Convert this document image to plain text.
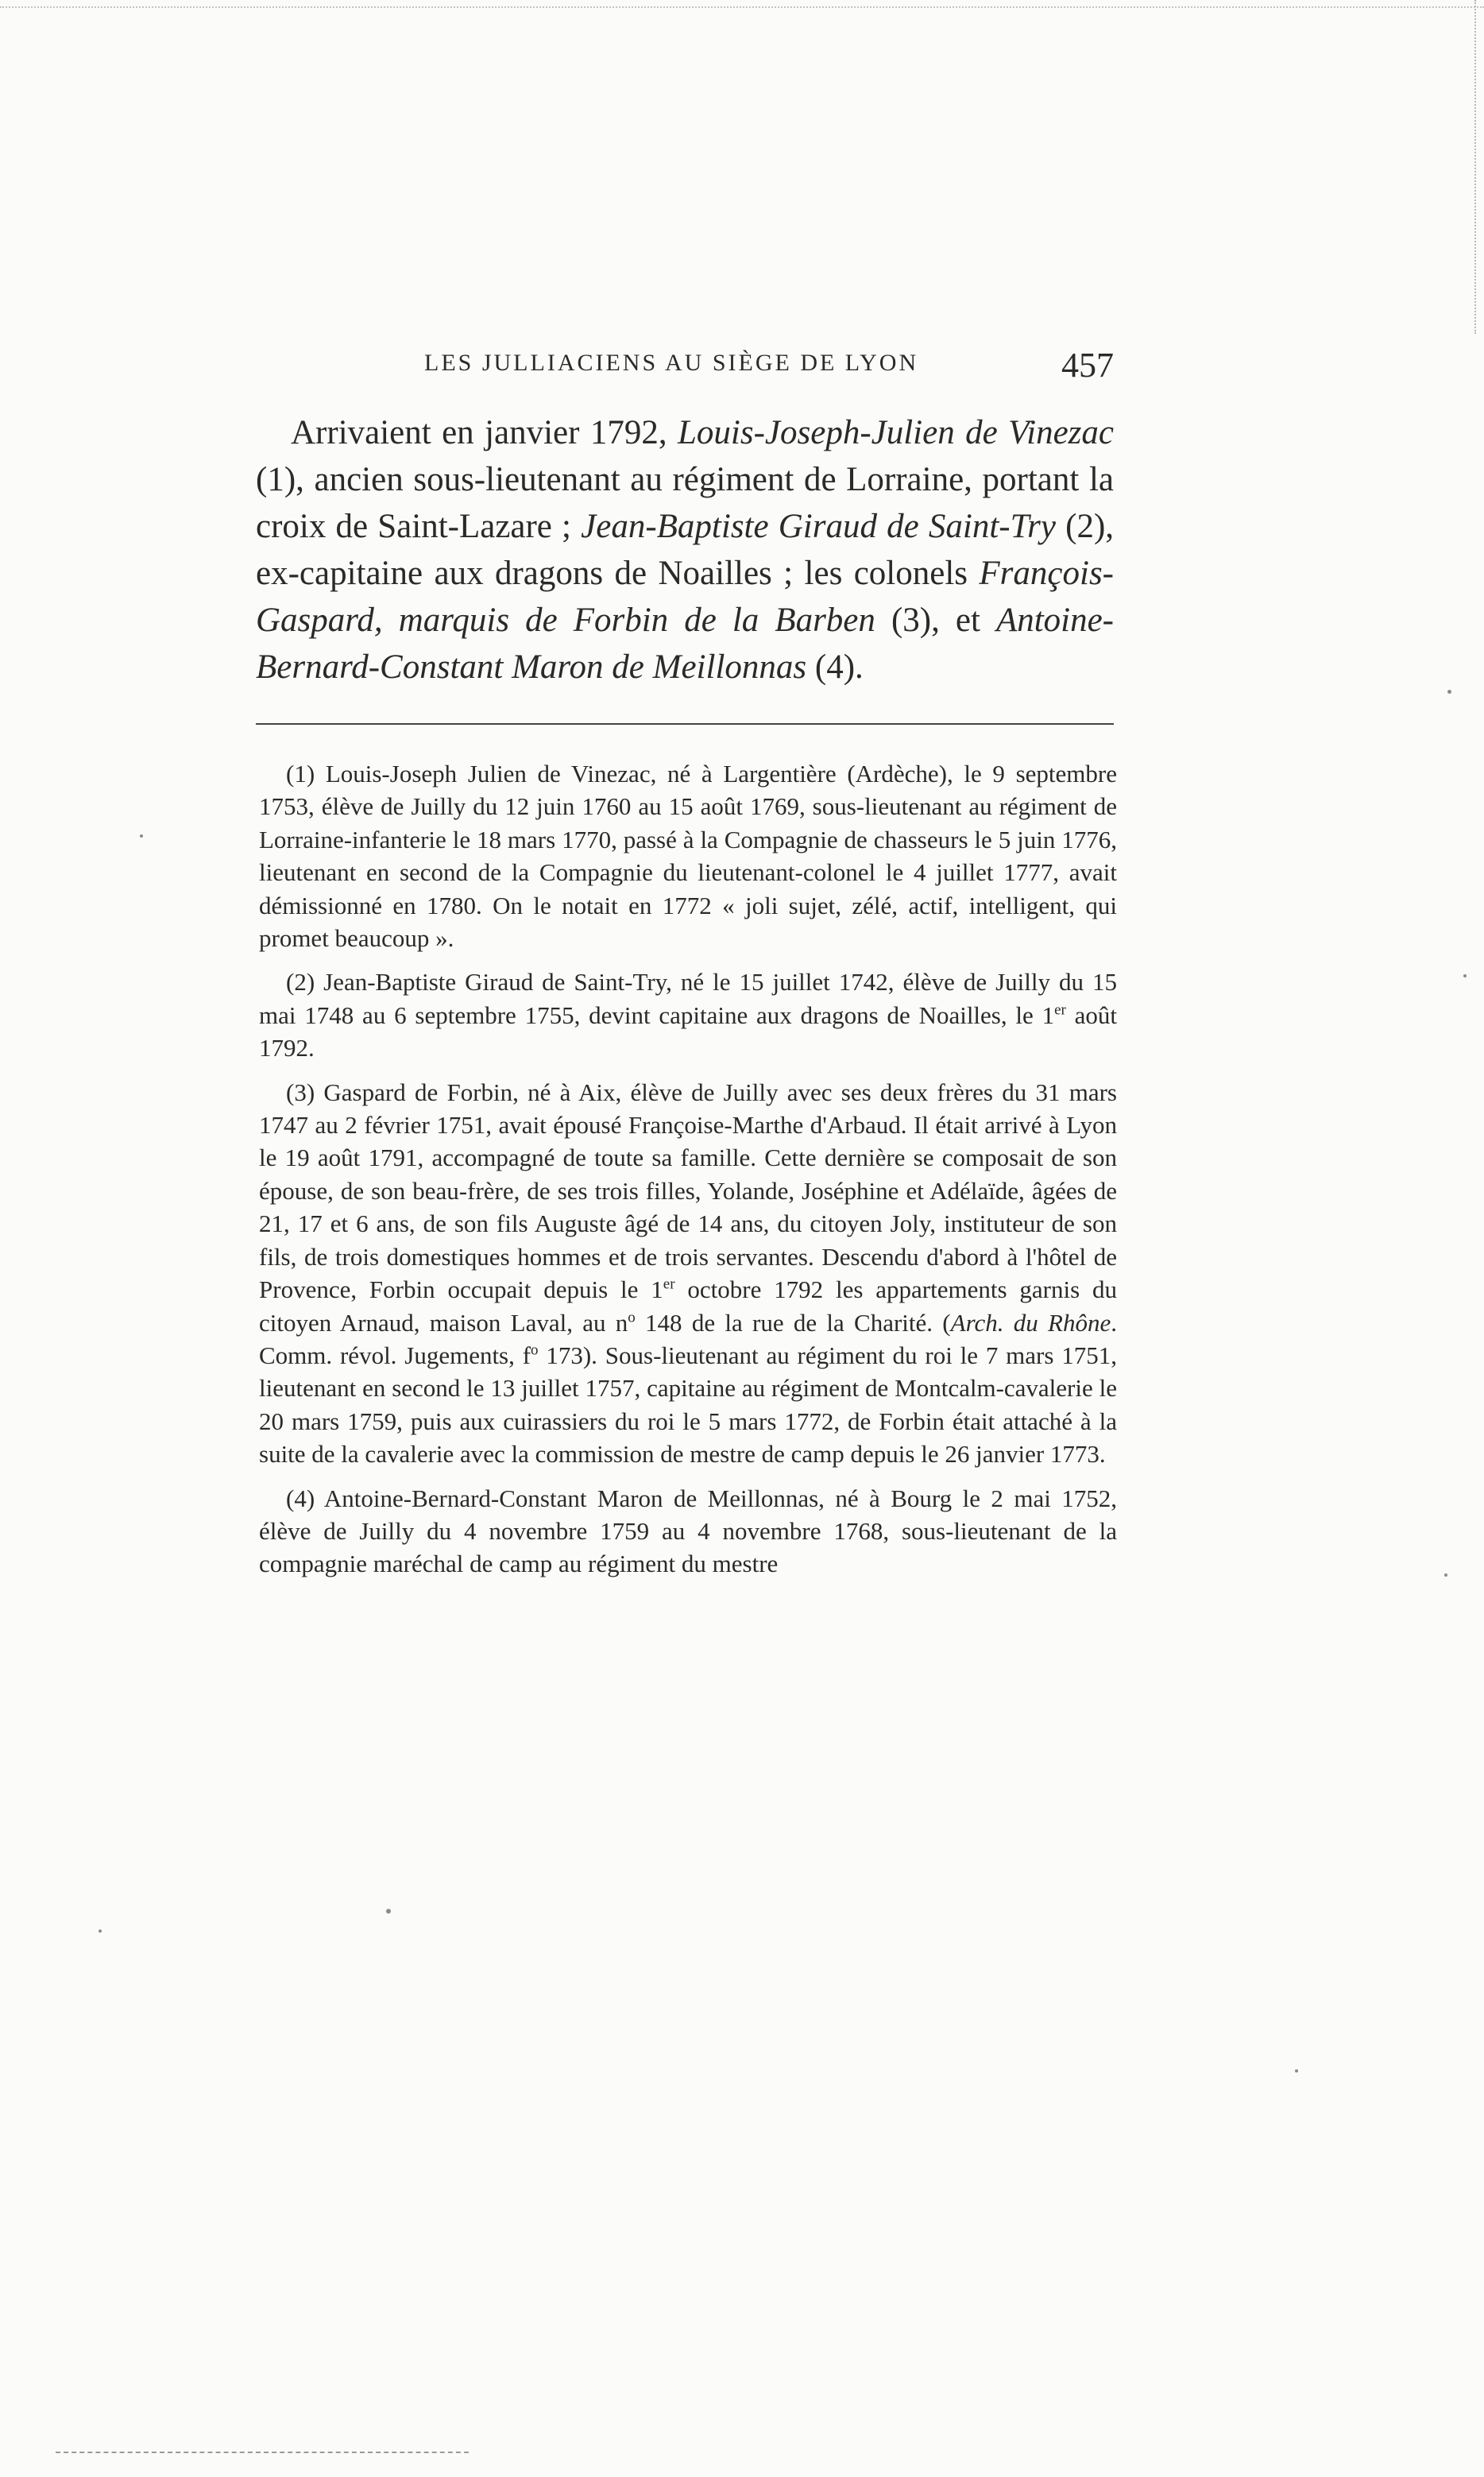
LES JULLIACIENS AU SIÈGE DE LYON	457

Arrivaient en janvier 1792, Louis-Joseph-Julien de Vinezac (1), ancien sous-lieutenant au régiment de Lorraine, portant la croix de Saint-Lazare ; Jean-Baptiste Giraud de Saint-Try (2), ex-capitaine aux dragons de Noailles ; les colonels François-Gaspard, marquis de Forbin de la Barben (3), et Antoine-Bernard-Constant Maron de Meillonnas (4).

(1) Louis-Joseph Julien de Vinezac, né à Largentière (Ardèche), le 9 septembre 1753, élève de Juilly du 12 juin 1760 au 15 août 1769, sous-lieutenant au régiment de Lorraine-infanterie le 18 mars 1770, passé à la Compagnie de chasseurs le 5 juin 1776, lieutenant en second de la Compagnie du lieutenant-colonel le 4 juillet 1777, avait démissionné en 1780. On le notait en 1772 « joli sujet, zélé, actif, intelligent, qui promet beaucoup ».

(2) Jean-Baptiste Giraud de Saint-Try, né le 15 juillet 1742, élève de Juilly du 15 mai 1748 au 6 septembre 1755, devint capitaine aux dragons de Noailles, le 1er août 1792.

(3) Gaspard de Forbin, né à Aix, élève de Juilly avec ses deux frères du 31 mars 1747 au 2 février 1751, avait épousé Françoise-Marthe d'Arbaud. Il était arrivé à Lyon le 19 août 1791, accompagné de toute sa famille. Cette dernière se composait de son épouse, de son beau-frère, de ses trois filles, Yolande, Joséphine et Adélaïde, âgées de 21, 17 et 6 ans, de son fils Auguste âgé de 14 ans, du citoyen Joly, instituteur de son fils, de trois domestiques hommes et de trois servantes. Descendu d'abord à l'hôtel de Provence, Forbin occupait depuis le 1er octobre 1792 les appartements garnis du citoyen Arnaud, maison Laval, au $n^o$ 148 de la rue de la Charité. (Arch. du Rhône. Comm. révol. Jugements, $f^o$ 173). Sous-lieutenant au régiment du roi le 7 mars 1751, lieutenant en second le 13 juillet 1757, capitaine au régiment de Montcalm-cavalerie le 20 mars 1759, puis aux cuirassiers du roi le 5 mars 1772, de Forbin était attaché à la suite de la cavalerie avec la commission de mestre de camp depuis le 26 janvier 1773.

(4) Antoine-Bernard-Constant Maron de Meillonnas, né à Bourg le 2 mai 1752, élève de Juilly du 4 novembre 1759 au 4 novembre 1768, sous-lieutenant de la compagnie maréchal de camp au régiment du mestre
